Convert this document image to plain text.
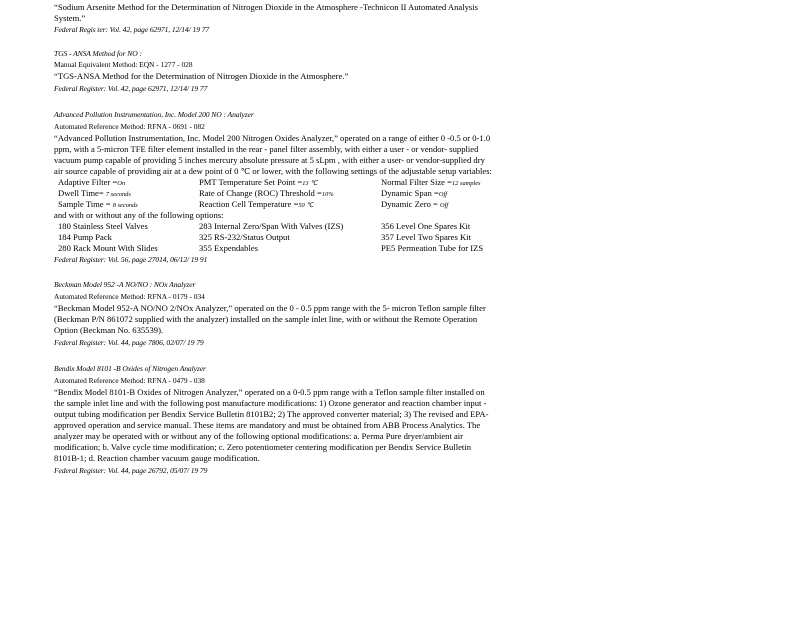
“Sodium Arsenite Method for the Determination of Nitrogen Dioxide in the Atmosphere -Technicon II Automated Analysis

System.”

Federal Regis ter: Vol. 42, page 62971, 12/14/ 19 77

TGS - ANSA Method for NO :

Manual Equivalent Method: EQN - 1277 - 028

“TGS-ANSA Method for the Determination of Nitrogen Dioxide in the Atmosphere.”

Federal Register: Vol. 42, page 62971, 12/14/ 19 77

Advanced Pollution Instrumentation, Inc. Model 200 NO : Analyzer

Automated Reference Method: RFNA - 0691 - 082

“Advanced Pollution Instrumentation, Inc. Model 200 Nitrogen Oxides Analyzer,” operated on a range of either 0 -0.5 or 0-1.0

ppm, with a 5-micron TFE filter element installed in the rear - panel filter assembly, with either a user - or vendor- supplied

vacuum pump capable of providing 5 inches mercury absolute pressure at 5 sLpm , with either a user- or vendor-supplied dry

air source capable of providing air at a dew point of 0 ℃ or lower, with the following settings of the adjustable setup variables:

Adaptive Filter =On	PMT Temperature Set Point =13 ℃	Normal Filter Size =12 samples

Dwell Time= 7 seconds	Rate of Change (ROC) Threshold =10%	Dynamic Span =Off

Sample Time = 8 seconds	Reaction Cell Temperature =50 ℃	Dynamic Zero = Off

and with or without any of the following options:

180 Stainless Steel Valves	283 Internal Zero/Span With Valves (IZS)	356 Level One Spares Kit

184 Pump Pack	325 RS-232/Status Output	357 Level Two Spares Kit

280 Rack Mount With Slides	355 Expendables	PE5 Permeation Tube for IZS

Federal Register: Vol. 56, page 27014, 06/12/ 19 91

Beckman Model 952 -A NO/NO : NOx Analyzer

Automated Reference Method: RFNA - 0179 - 034

“Beckman Model 952-A NO/NO 2/NOx Analyzer,” operated on the 0 - 0.5 ppm range with the 5- micron Teflon sample filter

(Beckman P/N 861072 supplied with the analyzer) installed on the sample inlet line, with or without the Remote Operation

Option (Beckman No. 635539).

Federal Register: Vol. 44, page 7806, 02/07/ 19 79

Bendix Model 8101 -B Oxides of Nitrogen Analyzer

Automated Reference Method: RFNA - 0479 - 038

“Bendix Model 8101-B Oxides of Nitrogen Analyzer,” operated on a 0-0.5 ppm range with a Teflon sample filter installed on

the sample inlet line and with the following post manufacture modifications: 1) Ozone generator and reaction chamber input -

output tubing modification per Bendix Service Bulletin 8101B2; 2) The approved converter material; 3) The revised and EPA-

approved operation and service manual. These items are mandatory and must be obtained from ABB Process Analytics. The

analyzer may be operated with or without any of the following optional modifications: a. Perma Pure dryer/ambient air

modification; b. Valve cycle time modification; c. Zero potentiometer centering modification per Bendix Service Bulletin

8101B-1; d. Reaction chamber vacuum gauge modification.

Federal Register: Vol. 44, page 26792, 05/07/ 19 79
